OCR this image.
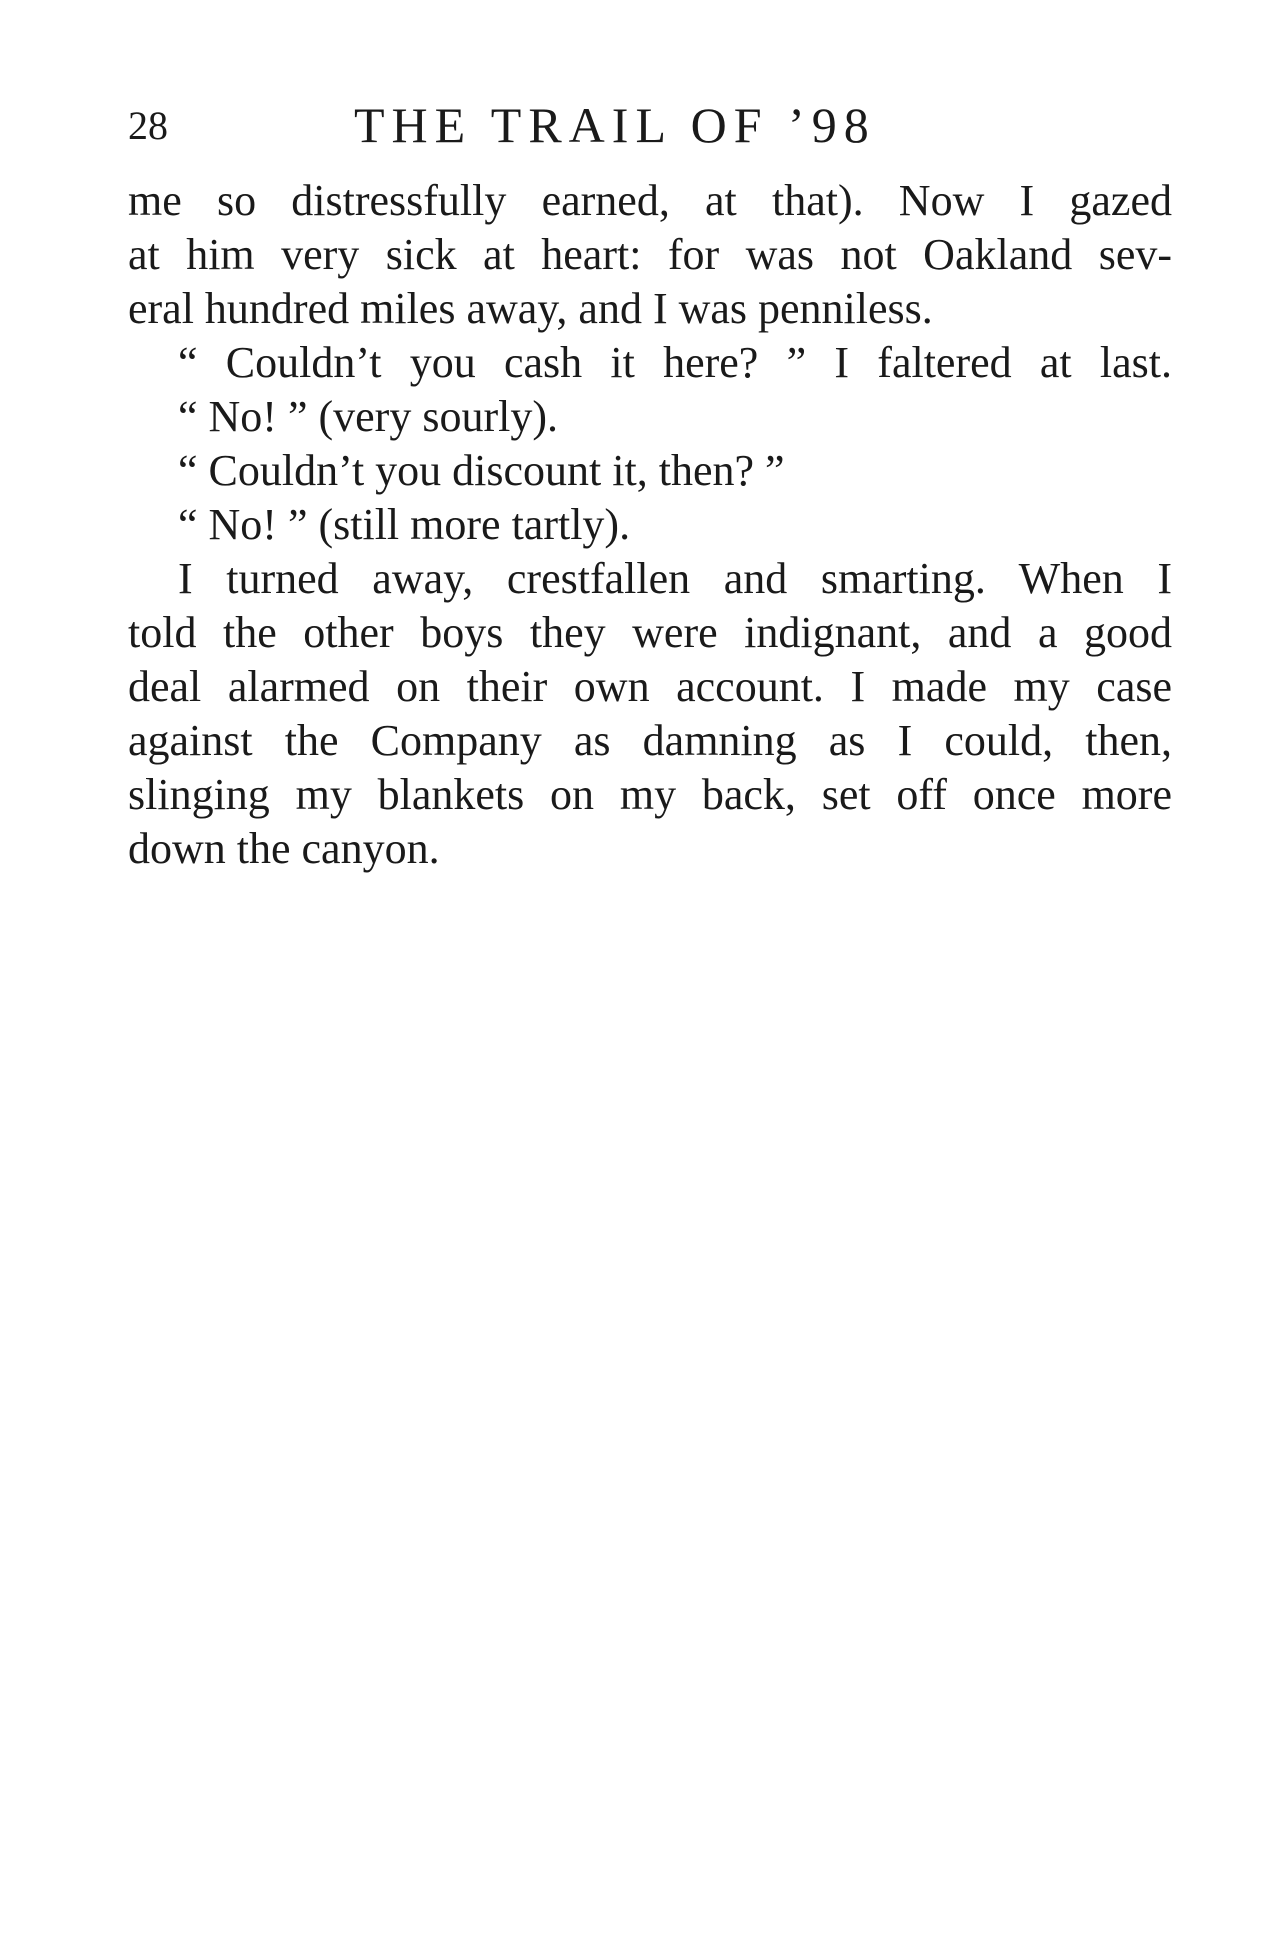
28	THE TRAIL OF ’98
me so distressfully earned, at that). Now I gazed
at him very sick at heart: for was not Oakland sev-
eral hundred miles away, and I was penniless.
“ Couldn’t you cash it here? ” I faltered at last.
“ No! ” (very sourly).
“ Couldn’t you discount it, then? ”
“ No! ” (still more tartly).
I turned away, crestfallen and smarting. When I
told the other boys they were indignant, and a good
deal alarmed on their own account. I made my case
against the Company as damning as I could, then,
slinging my blankets on my back, set off once more
down the canyon.
